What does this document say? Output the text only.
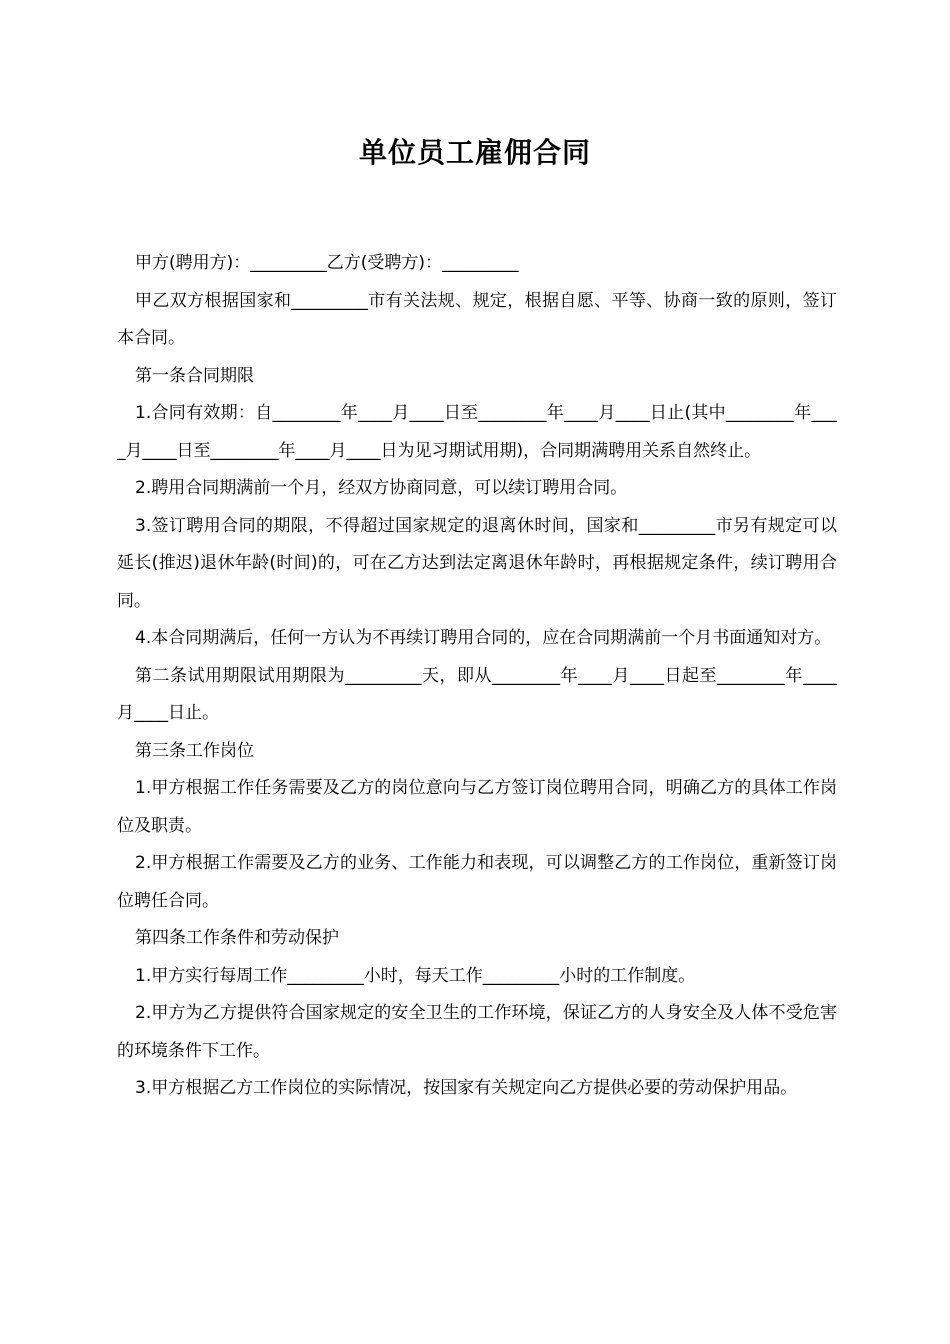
单位员工雇佣合同

甲方(聘用方)：_________乙方(受聘方)：_________

甲乙双方根据国家和_________市有关法规、规定，根据自愿、平等、协商一致的原则，签订本合同。

第一条合同期限

1.合同有效期：自________年____月____日至________年____月____日止(其中________年____月____日至________年____月____日为见习期试用期)，合同期满聘用关系自然终止。

2.聘用合同期满前一个月，经双方协商同意，可以续订聘用合同。

3.签订聘用合同的期限，不得超过国家规定的退离休时间，国家和_________市另有规定可以延长(推迟)退休年龄(时间)的，可在乙方达到法定离退休年龄时，再根据规定条件，续订聘用合同。

4.本合同期满后，任何一方认为不再续订聘用合同的，应在合同期满前一个月书面通知对方。

第二条试用期限试用期限为_________天，即从________年____月____日起至________年____月____日止。

第三条工作岗位

1.甲方根据工作任务需要及乙方的岗位意向与乙方签订岗位聘用合同，明确乙方的具体工作岗位及职责。

2.甲方根据工作需要及乙方的业务、工作能力和表现，可以调整乙方的工作岗位，重新签订岗位聘任合同。

第四条工作条件和劳动保护

1.甲方实行每周工作_________小时，每天工作_________小时的工作制度。

2.甲方为乙方提供符合国家规定的安全卫生的工作环境，保证乙方的人身安全及人体不受危害的环境条件下工作。

3.甲方根据乙方工作岗位的实际情况，按国家有关规定向乙方提供必要的劳动保护用品。
